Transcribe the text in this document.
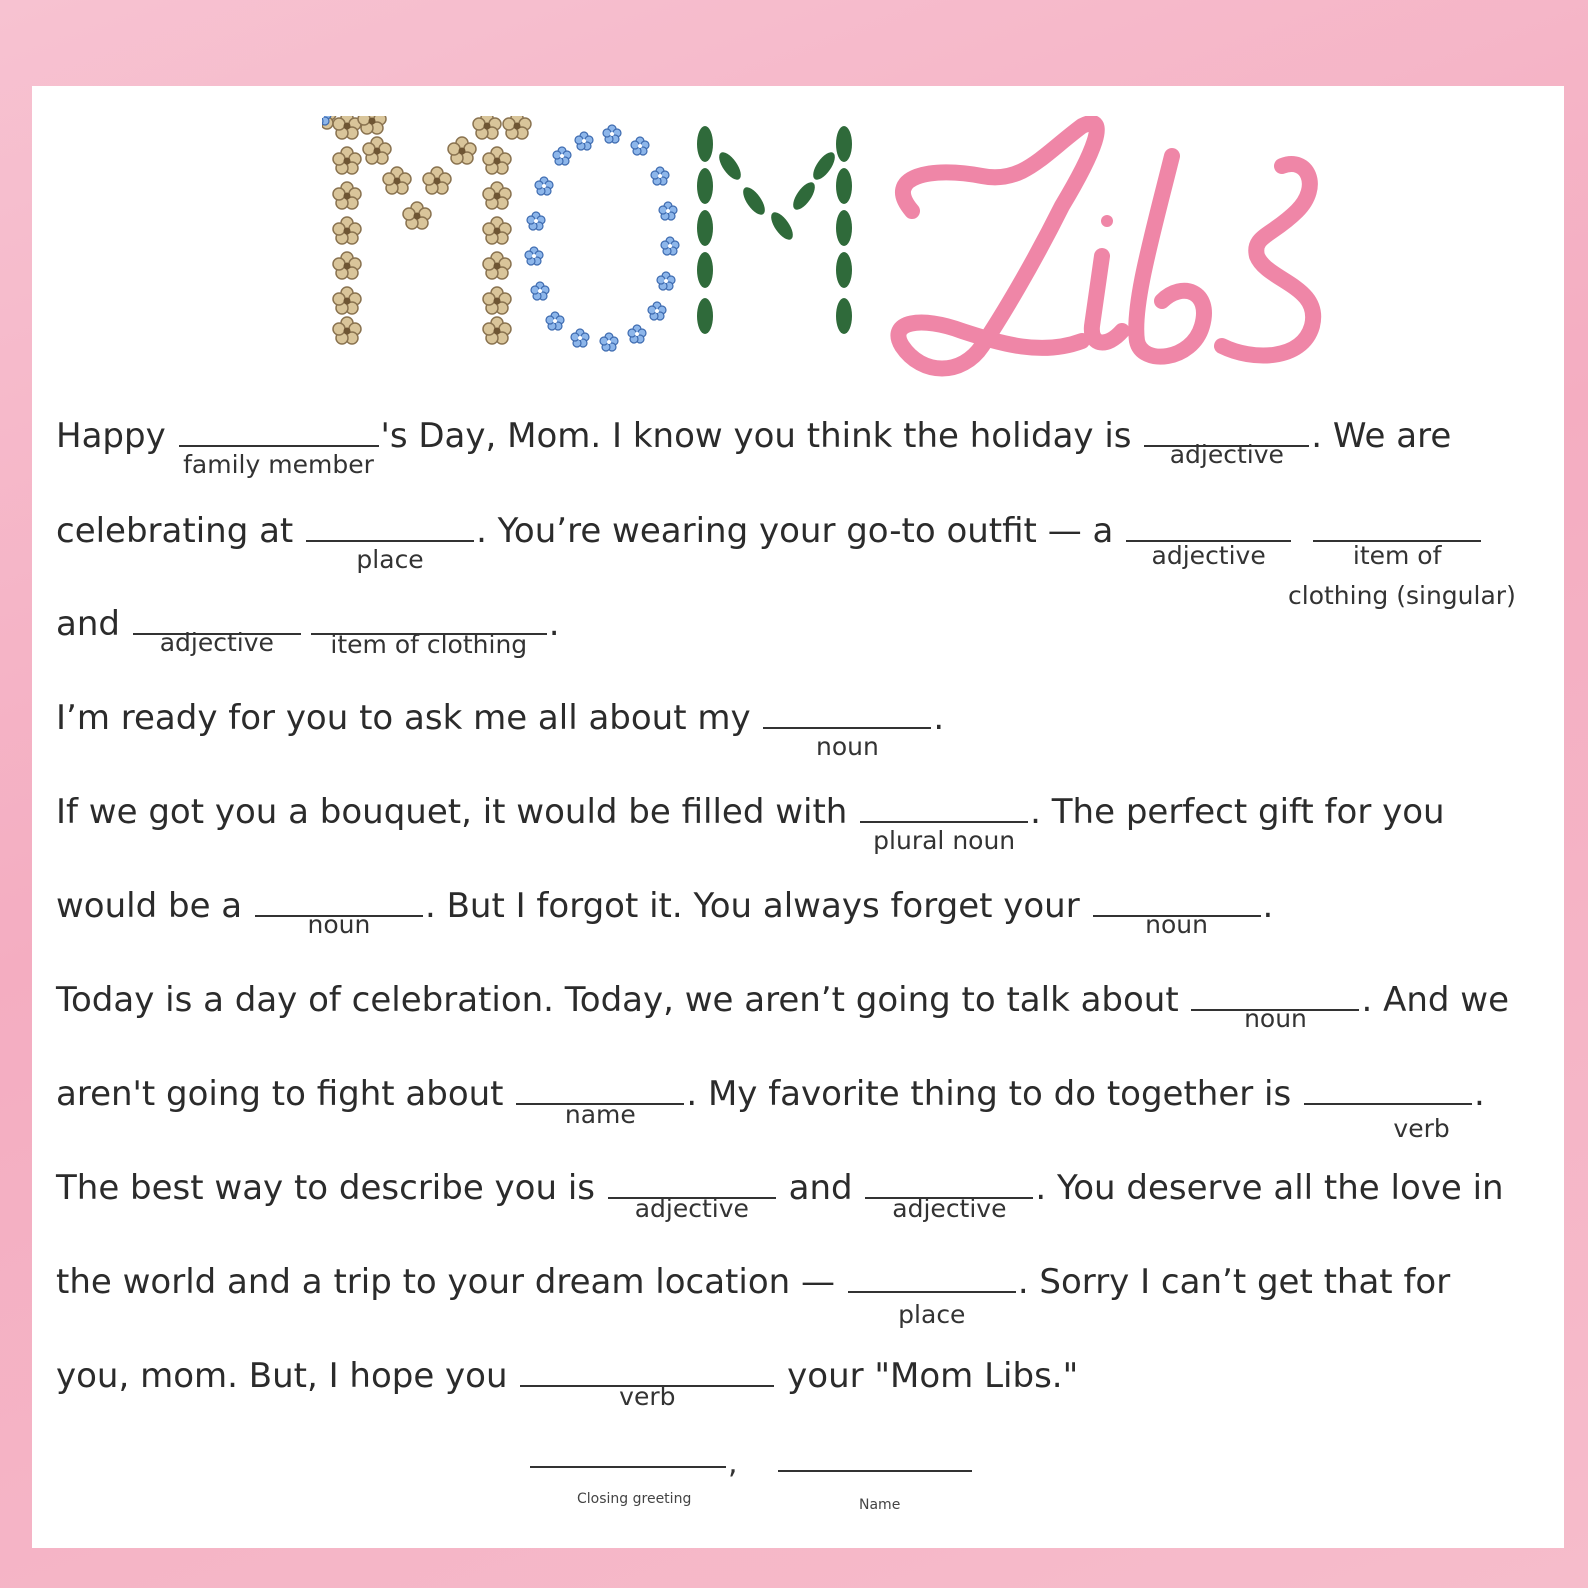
Happy
family member
's Day, Mom. I know you think the holiday is adjective . We are
celebrating at
place
. You’re wearing your go-to outfit — a
adjective	item of
clothing (singular)
and adjective item of clothing
.
I’m ready for you to ask me all about my
noun
.
If we got you a bouquet, it would be filled with
plural noun
. The perfect gift for you
would be a noun . But I forgot it. You always forget your noun .
Today is a day of celebration. Today, we aren’t going to talk about noun . And we
aren't going to fight about
name
. My favorite thing to do together is
verb
.
The best way to describe you is
adjective
and
adjective
. You deserve all the love in
the world and a trip to your dream location —
place
. Sorry I can’t get that for
you, mom. But, I hope you
verb
your "Mom Libs."
,
Closing greeting	Name
